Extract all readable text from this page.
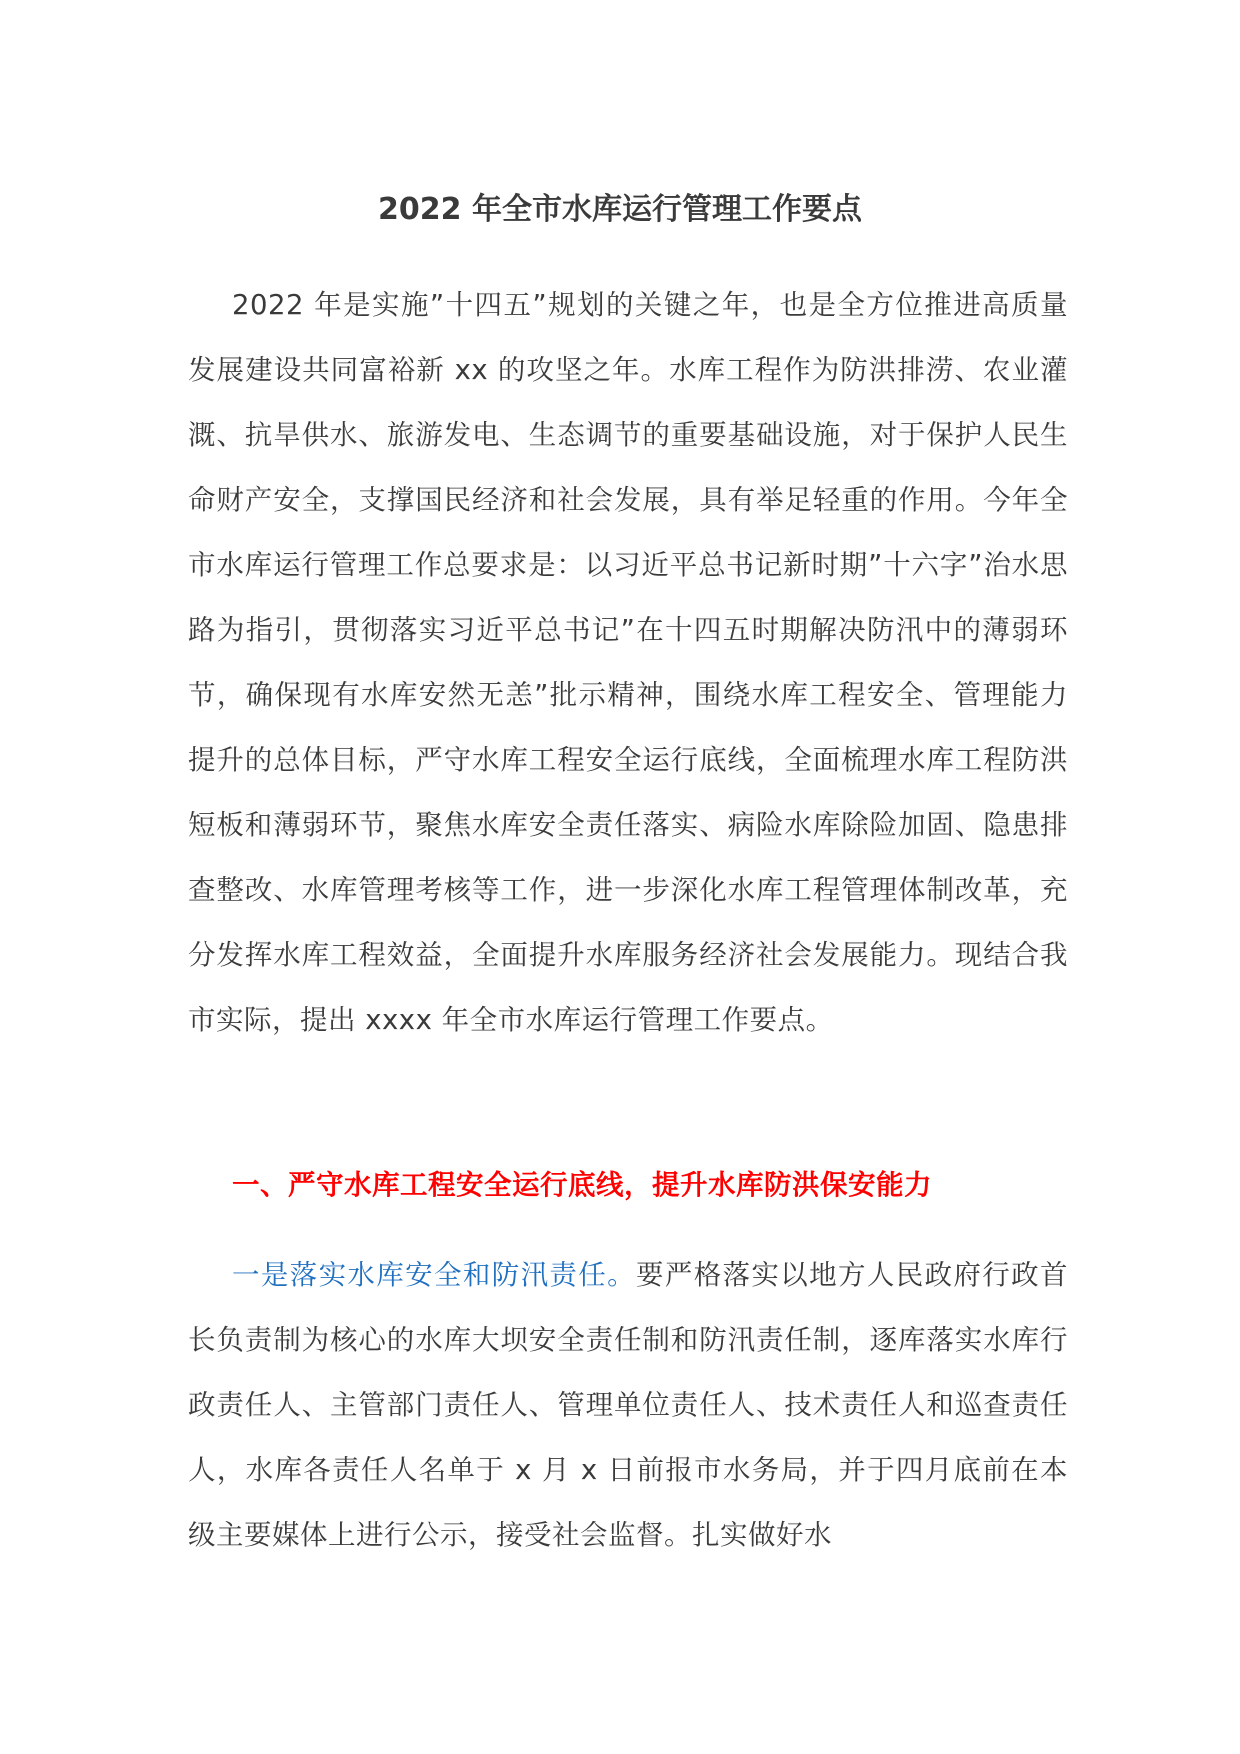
2022 年全市水库运行管理工作要点

2022 年是实施”十四五”规划的关键之年，也是全方位推进高质量发展建设共同富裕新 xx 的攻坚之年。水库工程作为防洪排涝、农业灌溉、抗旱供水、旅游发电、生态调节的重要基础设施，对于保护人民生命财产安全，支撑国民经济和社会发展，具有举足轻重的作用。今年全市水库运行管理工作总要求是：以习近平总书记新时期”十六字”治水思路为指引，贯彻落实习近平总书记”在十四五时期解决防汛中的薄弱环节，确保现有水库安然无恙”批示精神，围绕水库工程安全、管理能力提升的总体目标，严守水库工程安全运行底线，全面梳理水库工程防洪短板和薄弱环节，聚焦水库安全责任落实、病险水库除险加固、隐患排查整改、水库管理考核等工作，进一步深化水库工程管理体制改革，充分发挥水库工程效益，全面提升水库服务经济社会发展能力。现结合我市实际，提出 xxxx 年全市水库运行管理工作要点。

一、严守水库工程安全运行底线，提升水库防洪保安能力

一是落实水库安全和防汛责任。要严格落实以地方人民政府行政首长负责制为核心的水库大坝安全责任制和防汛责任制，逐库落实水库行政责任人、主管部门责任人、管理单位责任人、技术责任人和巡查责任人，水库各责任人名单于 x 月 x 日前报市水务局，并于四月底前在本级主要媒体上进行公示，接受社会监督。扎实做好水
